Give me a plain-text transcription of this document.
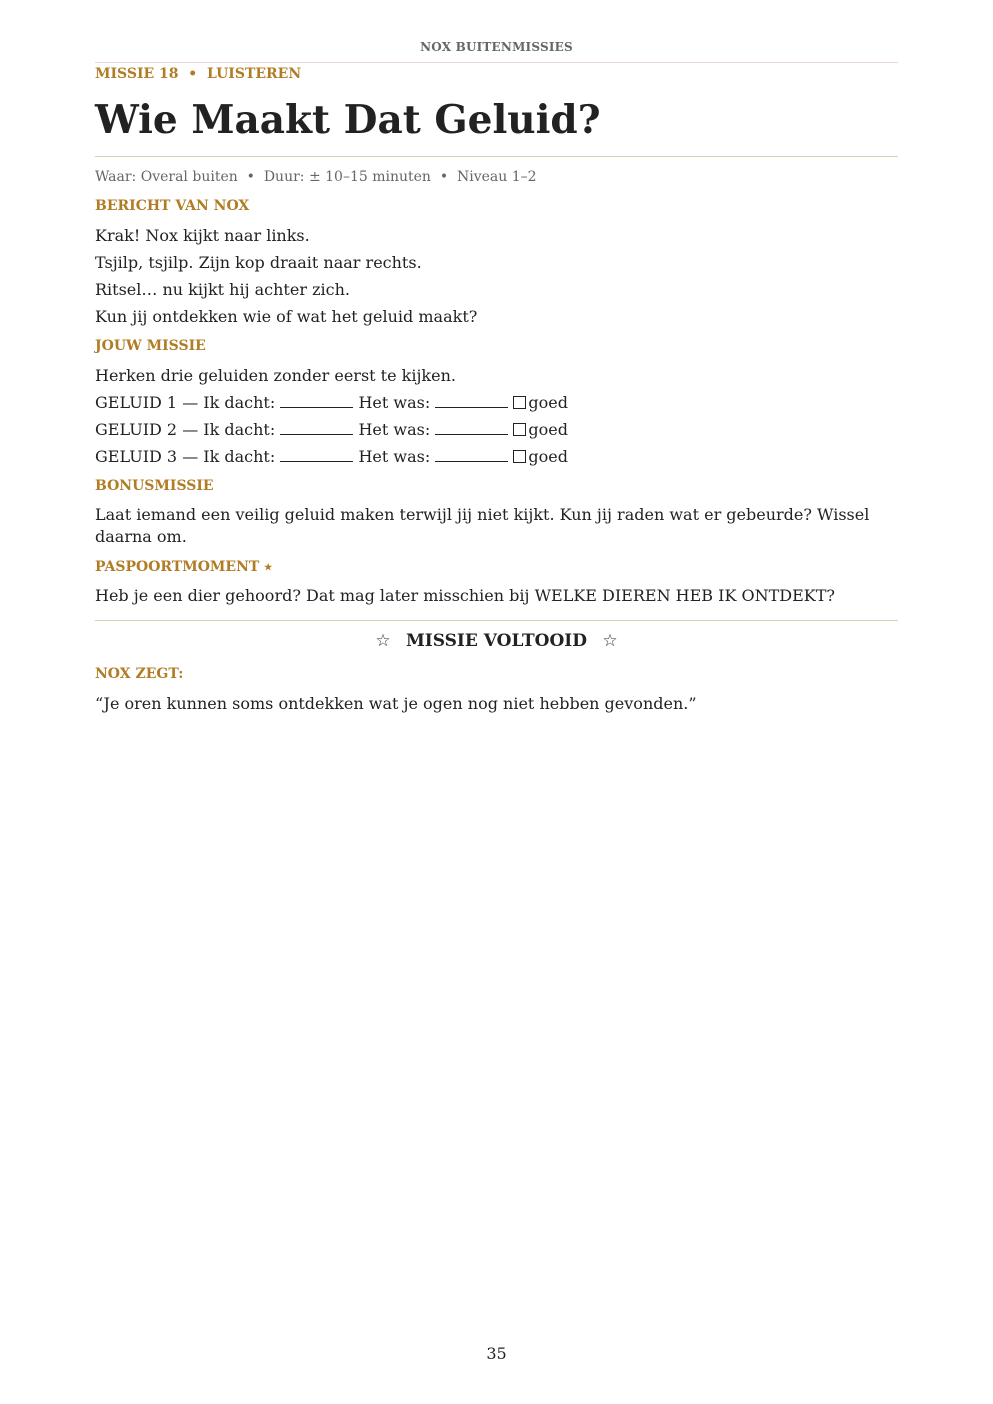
NOX BUITENMISSIES
MISSIE 18 • LUISTEREN
Wie Maakt Dat Geluid?
Waar: Overal buiten • Duur: ± 10–15 minuten • Niveau 1–2
BERICHT VAN NOX
Krak! Nox kijkt naar links.
Tsjilp, tsjilp. Zijn kop draait naar rechts.
Ritsel… nu kijkt hij achter zich.
Kun jij ontdekken wie of wat het geluid maakt?
JOUW MISSIE
Herken drie geluiden zonder eerst te kijken.
GELUID 1 — Ik dacht:	Het was:	goed
GELUID 2 — Ik dacht:	Het was:	goed
GELUID 3 — Ik dacht:	Het was:	goed
BONUSMISSIE
Laat iemand een veilig geluid maken terwijl jij niet kijkt. Kun jij raden wat er gebeurde? Wissel daarna om.
PASPOORTMOMENT ★
Heb je een dier gehoord? Dat mag later misschien bij WELKE DIEREN HEB IK ONTDEKT?
☆ MISSIE VOLTOOID ☆
NOX ZEGT:
“Je oren kunnen soms ontdekken wat je ogen nog niet hebben gevonden.”
35
